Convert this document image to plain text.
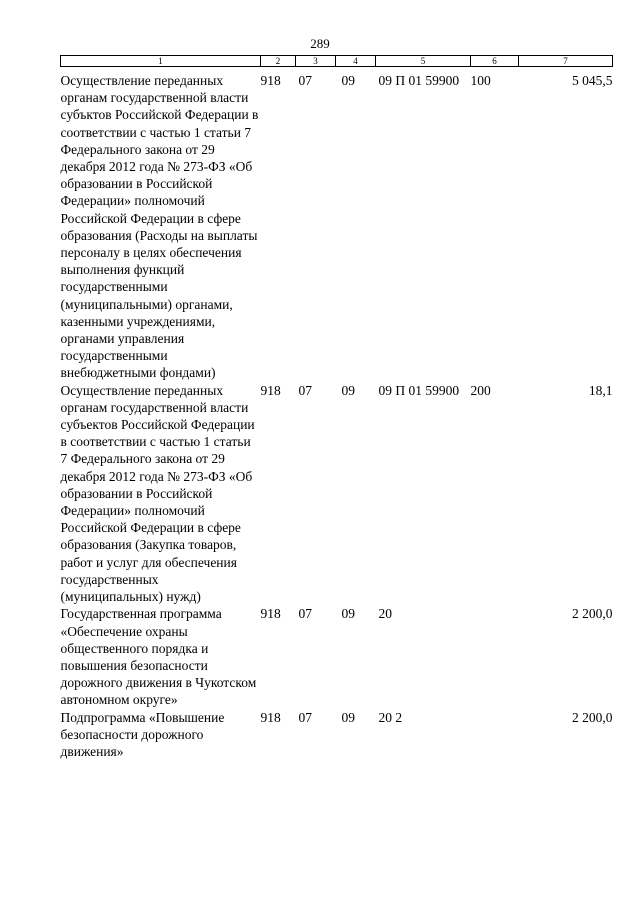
289
1	2	3	4	5	6	7
Осуществление переданных органам государственной власти субъктов Российской Федерации в соответствии с частью 1 статьи 7 Федерального закона от 29 декабря 2012 года № 273-ФЗ «Об образовании в Российской Федерации» полномочий Российской Федерации в сфере образования (Расходы на выплаты персоналу в целях обеспечения выполнения функций государственными (муниципальными) органами, казенными учреждениями, органами управления государственными внебюджетными фондами)	918	07	09	09 П 01 59900	100	5 045,5
Осуществление переданных органам государственной власти субъектов Российской Федерации в соответствии с частью 1 статьи 7 Федерального закона от 29 декабря 2012 года № 273-ФЗ «Об образовании в Российской Федерации» полномочий Российской Федерации в сфере образования (Закупка товаров, работ и услуг для обеспечения государственных (муниципальных) нужд)	918	07	09	09 П 01 59900	200	18,1
Государственная программа «Обеспечение охраны общественного порядка и повышения безопасности дорожного движения в Чукотском автономном округе»	918	07	09	20		2 200,0
Подпрограмма «Повышение безопасности дорожного движения»	918	07	09	20 2		2 200,0
